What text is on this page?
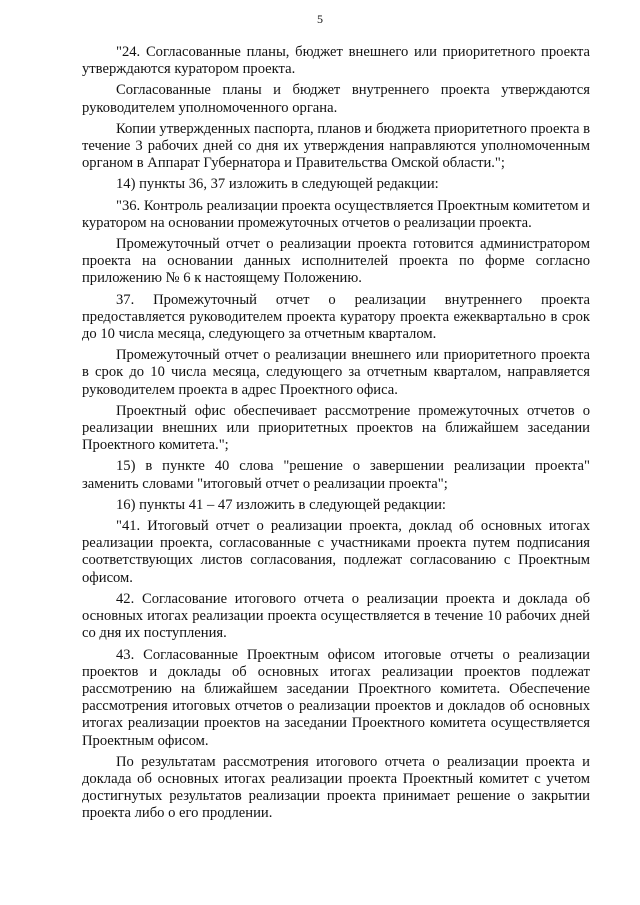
5

"24. Согласованные планы, бюджет внешнего или приоритетного проекта утверждаются куратором проекта.

Согласованные планы и бюджет внутреннего проекта утверждаются руководителем уполномоченного органа.

Копии утвержденных паспорта, планов и бюджета приоритетного проекта в течение 3 рабочих дней со дня их утверждения направляются уполномоченным органом в Аппарат Губернатора и Правительства Омской области.";

14) пункты 36, 37 изложить в следующей редакции:

"36. Контроль реализации проекта осуществляется Проектным комитетом и куратором на основании промежуточных отчетов о реализации проекта.

Промежуточный отчет о реализации проекта готовится администратором проекта на основании данных исполнителей проекта по форме согласно приложению № 6 к настоящему Положению.

37. Промежуточный отчет о реализации внутреннего проекта предоставляется руководителем проекта куратору проекта ежеквартально в срок до 10 числа месяца, следующего за отчетным кварталом.

Промежуточный отчет о реализации внешнего или приоритетного проекта в срок до 10 числа месяца, следующего за отчетным кварталом, направляется руководителем проекта в адрес Проектного офиса.

Проектный офис обеспечивает рассмотрение промежуточных отчетов о реализации внешних или приоритетных проектов на ближайшем заседании Проектного комитета.";

15) в пункте 40 слова "решение о завершении реализации проекта" заменить словами "итоговый отчет о реализации проекта";

16) пункты 41 – 47 изложить в следующей редакции:

"41. Итоговый отчет о реализации проекта, доклад об основных итогах реализации проекта, согласованные с участниками проекта путем подписания соответствующих листов согласования, подлежат согласованию с Проектным офисом.

42. Согласование итогового отчета о реализации проекта и доклада об основных итогах реализации проекта осуществляется в течение 10 рабочих дней со дня их поступления.

43. Согласованные Проектным офисом итоговые отчеты о реализации проектов и доклады об основных итогах реализации проектов подлежат рассмотрению на ближайшем заседании Проектного комитета. Обеспечение рассмотрения итоговых отчетов о реализации проектов и докладов об основных итогах реализации проектов на заседании Проектного комитета осуществляется Проектным офисом.

По результатам рассмотрения итогового отчета о реализации проекта и доклада об основных итогах реализации проекта Проектный комитет с учетом достигнутых результатов реализации проекта принимает решение о закрытии проекта либо о его продлении.
